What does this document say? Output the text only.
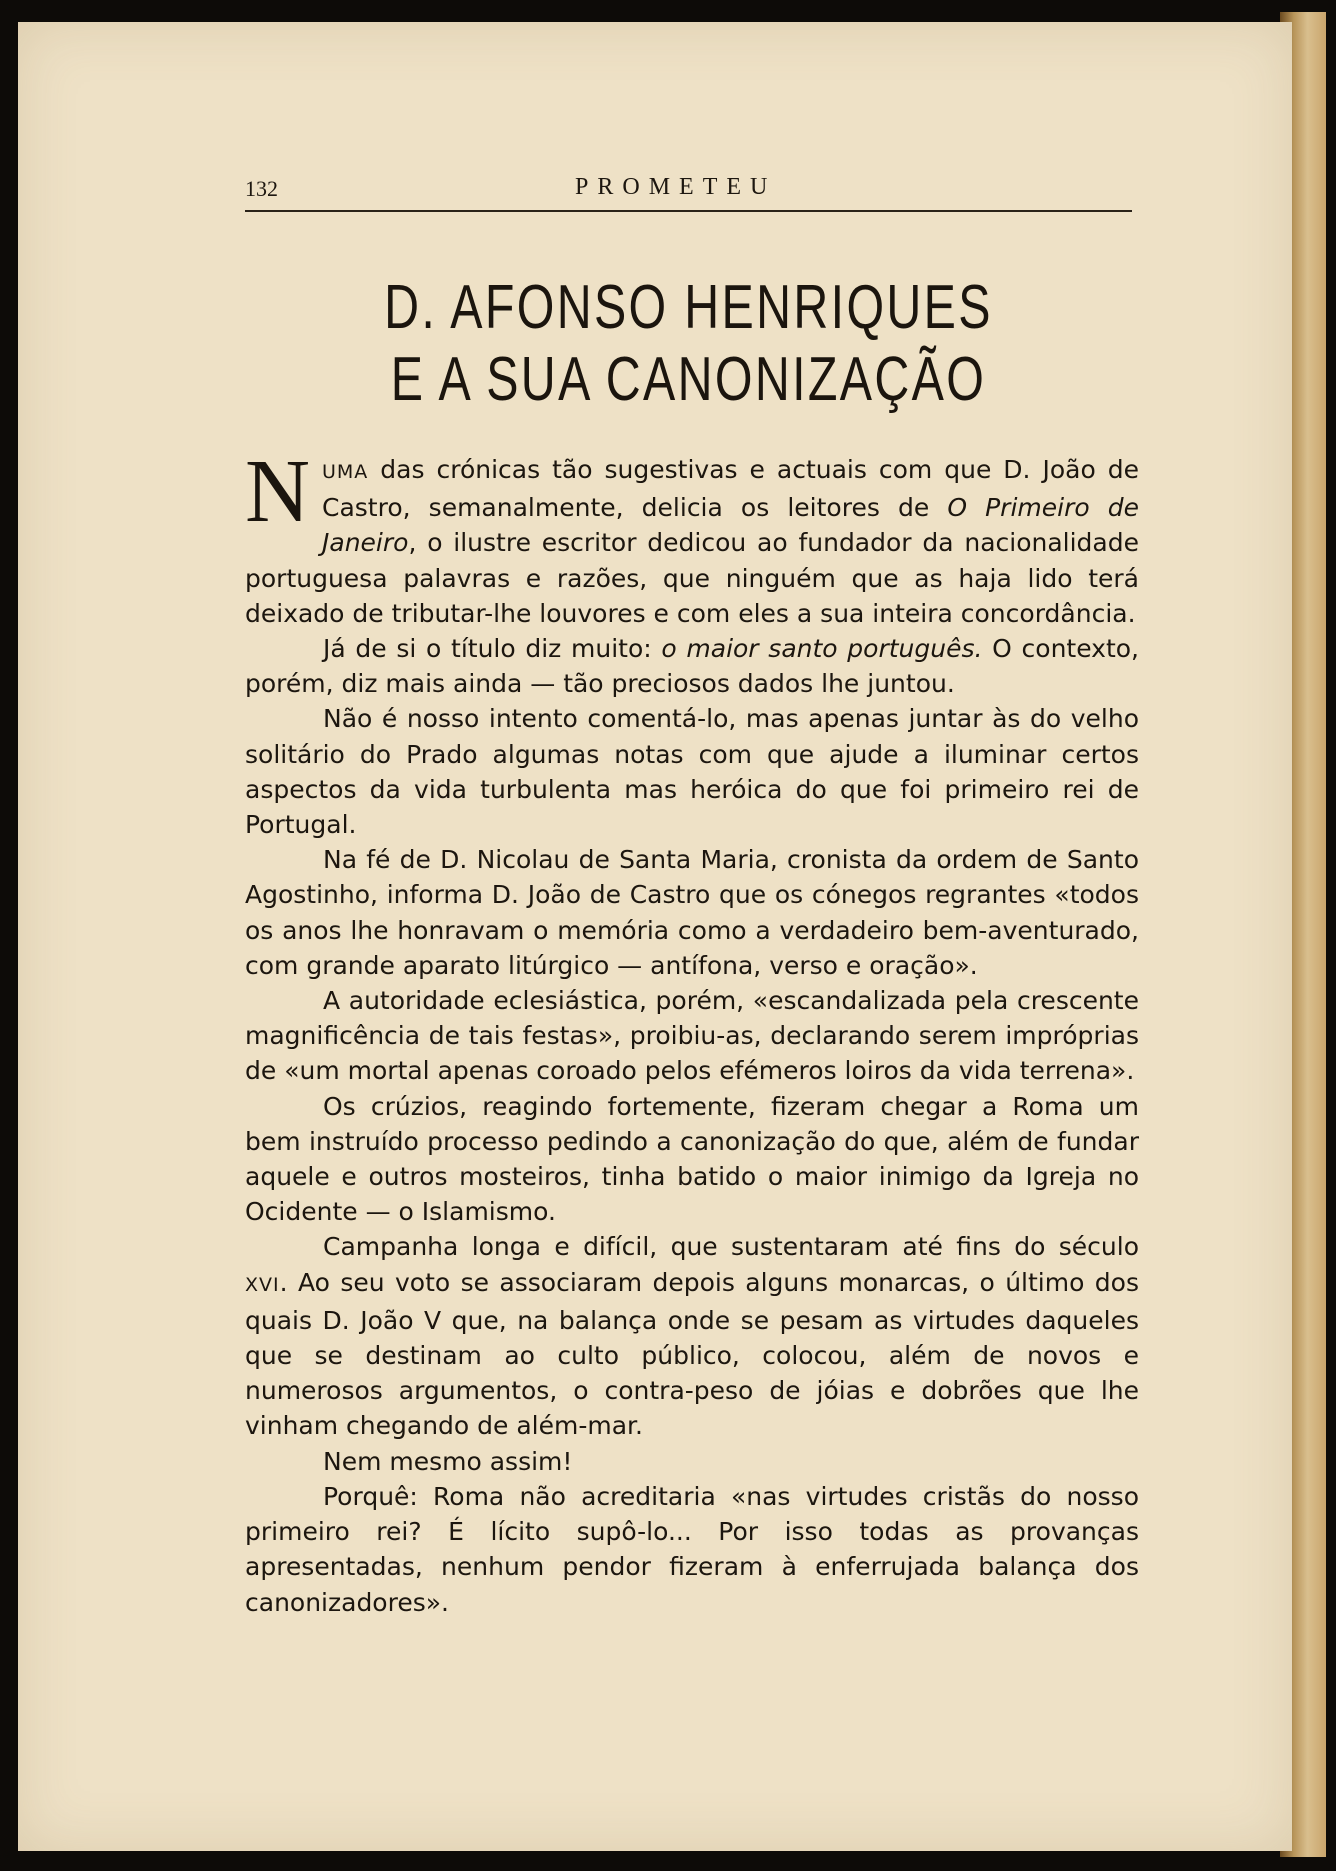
132	PROMETEU
D. AFONSO HENRIQUES
E A SUA CANONIZAÇÃO

NUMA das crónicas tão sugestivas e actuais com que D. João de Castro, semanalmente, delicia os leitores de O Primeiro de Janeiro, o ilustre escritor dedicou ao fundador da nacionalidade portuguesa palavras e razões, que ninguém que as haja lido terá deixado de tributar-lhe louvores e com eles a sua inteira concordância.

Já de si o título diz muito: o maior santo português. O contexto, porém, diz mais ainda — tão preciosos dados lhe juntou.

Não é nosso intento comentá-lo, mas apenas juntar às do velho solitário do Prado algumas notas com que ajude a iluminar certos aspectos da vida turbulenta mas heróica do que foi primeiro rei de Portugal.

Na fé de D. Nicolau de Santa Maria, cronista da ordem de Santo Agostinho, informa D. João de Castro que os cónegos regrantes «todos os anos lhe honravam o memória como a verdadeiro bem-aventurado, com grande aparato litúrgico — antífona, verso e oração».

A autoridade eclesiástica, porém, «escandalizada pela crescente magnificência de tais festas», proibiu-as, declarando serem impróprias de «um mortal apenas coroado pelos efémeros loiros da vida terrena».

Os crúzios, reagindo fortemente, fizeram chegar a Roma um bem instruído processo pedindo a canonização do que, além de fundar aquele e outros mosteiros, tinha batido o maior inimigo da Igreja no Ocidente — o Islamismo.

Campanha longa e difícil, que sustentaram até fins do século XVI. Ao seu voto se associaram depois alguns monarcas, o último dos quais D. João V que, na balança onde se pesam as virtudes daqueles que se destinam ao culto público, colocou, além de novos e numerosos argumentos, o contra-peso de jóias e dobrões que lhe vinham chegando de além-mar.

Nem mesmo assim!

Porquê: Roma não acreditaria «nas virtudes cristãs do nosso primeiro rei? É lícito supô-lo... Por isso todas as provanças apresentadas, nenhum pendor fizeram à enferrujada balança dos canonizadores».
